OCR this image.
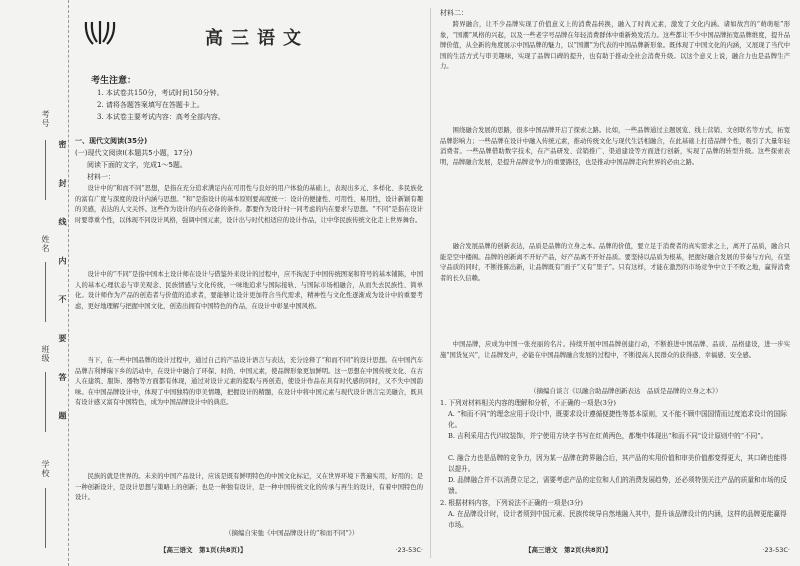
考号
姓名
班级
学校
密 封 线 内 不 要 答 题
高三语文
考生注意：
1. 本试卷共150分，考试时间150分钟。
2. 请将各题答案填写在答题卡上。
3. 本试卷主要考试内容：高考全部内容。
一、现代文阅读(35分)
(一)现代文阅读Ⅰ(本题共5小题，17分)
阅读下面的文字，完成1～5题。
材料一：
设计中的“和而不同”思想，是指在充分追求满足内在可用性与良好的用户体验的基础上，表现出多元、多样化、多民族化的富有广度与深度的设计内涵与思想。“和”是指设计的基本原则要高度统一：设计的便捷性、可用性、易用性，设计新颖有趣的美感，表达的人文关怀。这些作为设计的内在必备的条件。都要作为设计时一同考虑的内在要求与思想。“不同”是指在设计时要尊重个性，以体现不同设计风格，强调中国元素，设计出与时代相适应的设计作品，让中华民族传统文化走上世界舞台。
设计中的“不同”是指中国本土设计师在设计与借鉴外来设计的过程中，应不拘泥于中国传统图案和符号的基本铺陈，中国人的基本心理状态与审美观念、民族情感与文化传统，一味地追求与国际接轨、与国际市场相融合，从而失去民族性、简单化。设计师作为产品的创造者与价值的追求者，要能够让设计更加符合当代需求，精神性与文化性逐渐成为设计中的重要考虑，更好地理解与把握中国文化，创造出拥有中国特色的作品，在设计中彰显中国风格。
当下，在一些中国品牌的设计过程中，通过自己的产品设计语言与表达，充分诠释了“和而不同”的设计思想。在中国汽车品牌吉利博瑞下乡的活动中，在设计中融合了环保、时尚、中国元素，使品牌形象更加鲜明。这一思想在中国传统文化、在古人在建筑、服饰、器物等方面都有体现，通过对设计元素的提取与再创造，使设计作品在具有时代感的同时，又不失中国韵味。在中国品牌设计中，体现了中国独特的审美情趣，把握设计的精髓，在设计中将中国元素与现代设计语言完美融合，既具有设计感又富有中国特色，成为中国品牌设计中的典范。
民族的就是世界的。未来的中国产品设计，应该是既有鲜明特色的中国文化标记，又在世界环境下普遍实用，好用的；是一种创新设计，是设计思想与策略上的创新；也是一种独有设计，是一种中国传统文化的传承与再生的设计，有着中国特色的设计。
（摘编自宋弛《中国品牌设计的“和而不同”》）
【高三语文　第1页(共8页)】	·23-53C·
材料二：
跨界融合，让不少品牌实现了价值意义上的消费品转换，融入了时尚元素，激发了文化内涵。诸如故宫的“萌萌哒”形象，“国潮”风格的兴起，以及一些老字号品牌在年轻消费群体中重新焕发活力。这些都让不少中国品牌拓宽品牌维度，提升品牌价值，从全新的角度展示中国品牌的魅力，以“国潮”为代表的中国品牌新形象。既体现了中国文化的内涵，又展现了当代中国的生活方式与审美趣味，实现了品牌口碑的提升，也有助于推动全社会消费升级。以这个意义上说，融合力也是品牌生产力。
围绕融合发展的思路，很多中国品牌开启了探索之路。比如，一些品牌通过主题展览、线上营销、文创联名等方式，拓宽品牌影响力；一些品牌在设计中融入传统元素，推动传统文化与现代生活相融合，在此基础上打造品牌个性，吸引了大量年轻消费者。一些品牌借助数字技术，在产品研发、营销推广、渠道建设等方面进行创新，实现了品牌的转型升级。这些探索表明，品牌融合发展，是提升品牌竞争力的重要路径，也是推动中国品牌走向世界的必由之路。
融合发展品牌的创新表达，品质是品牌的立身之本。品牌的价值，要立足于消费者的真实需求之上，离开了品质，融合只能是空中楼阁。品牌的创新离不开好产品，好产品离不开好品质。要坚持以品质为根基，把握好融合发展的节奏与方向，在坚守品质的同时，不断推陈出新，让品牌既有“面子”又有“里子”。只有这样，才能在激烈的市场竞争中立于不败之地，赢得消费者的长久信赖。
中国品牌，应成为中国一张亮丽的名片。持续开展中国品牌创建行动，不断推进中国品牌、品质、品格建设，进一步实施“国货复兴”，让品牌发声，必能在中国品牌融合发展的过程中，不断提高人民群众的获得感、幸福感、安全感。
（摘编自谈言《以融合助品牌创新表达　品质是品牌的立身之本》）
1. 下列对材料相关内容的理解和分析，不正确的一项是(3分)
A. “和而不同”的理念应用于设计中，既要求设计遵循便捷性等基本原则，又不能不顾中国国情而过度追求设计的国际化。
B. 吉利采用古代四纹装饰，并宁使用方块字书写在红黄两色，都集中体现出“和而不同”设计原则中的“不同”。
C. 融合力也是品牌的竞争力，因为某一品牌在跨界融合后，其产品的实用价值和审美价值都变得更大，其口碑也能得以提升。
D. 品牌融合并不以消费立足之，需要考虑产品的定位和人们的消费发展趋势，还必须特别关注产品的质量和市场的反馈。
2. 根据材料内容，下列说法不正确的一项是(3分)
A. 在品牌设计时，设计者须到中国元素、民族传统导自然地融入其中，提升该品牌设计的内涵，这样的品牌更能赢得市场。
【高三语文　第2页(共8页)】	·23-53C·
